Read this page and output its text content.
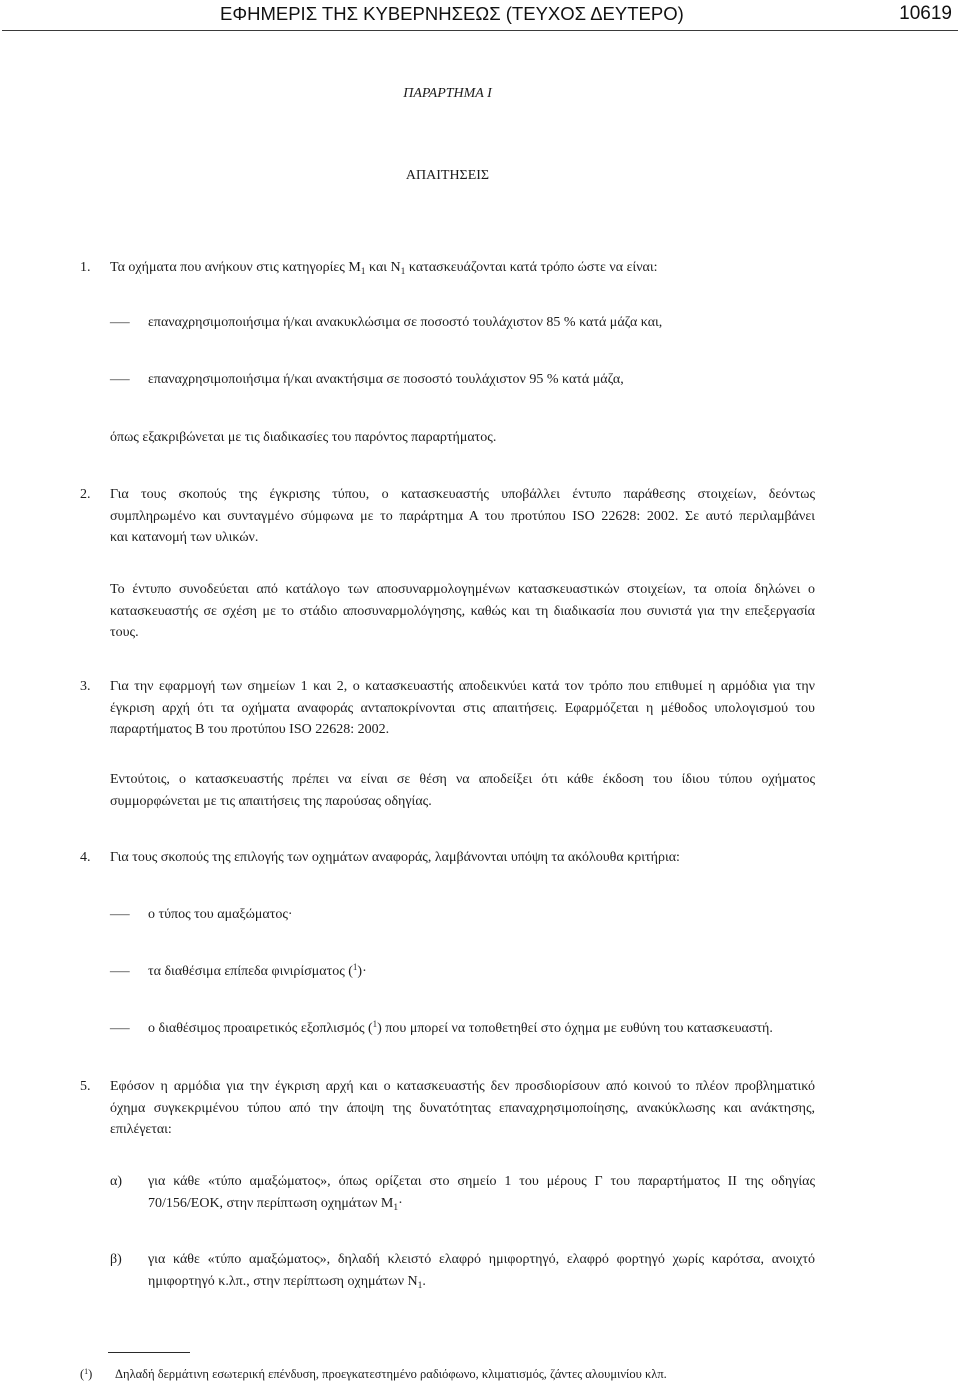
ΕΦΗΜΕΡΙΣ ΤΗΣ ΚΥΒΕΡΝΗΣΕΩΣ (ΤΕΥΧΟΣ ΔΕΥΤΕΡΟ)	10619
ΠΑΡΑΡΤΗΜΑ I
ΑΠΑΙΤΗΣΕΙΣ
1. Τα οχήματα που ανήκουν στις κατηγορίες $M_1$ και $N_1$ κατασκευάζονται κατά τρόπο ώστε να είναι:
— επαναχρησιμοποιήσιμα ή/και ανακυκλώσιμα σε ποσοστό τουλάχιστον 85 % κατά μάζα και,
— επαναχρησιμοποιήσιμα ή/και ανακτήσιμα σε ποσοστό τουλάχιστον 95 % κατά μάζα,
όπως εξακριβώνεται με τις διαδικασίες του παρόντος παραρτήματος.
2. Για τους σκοπούς της έγκρισης τύπου, ο κατασκευαστής υποβάλλει έντυπο παράθεσης στοιχείων, δεόντως
συμπληρωμένο και συνταγμένο σύμφωνα με το παράρτημα Α του προτύπου ISO 22628: 2002. Σε αυτό περιλαμβάνει
και κατανομή των υλικών.
Το έντυπο συνοδεύεται από κατάλογο των αποσυναρμολογημένων κατασκευαστικών στοιχείων, τα οποία δηλώνει ο
κατασκευαστής σε σχέση με το στάδιο αποσυναρμολόγησης, καθώς και τη διαδικασία που συνιστά για την επεξεργασία
τους.
3. Για την εφαρμογή των σημείων 1 και 2, ο κατασκευαστής αποδεικνύει κατά τον τρόπο που επιθυμεί η αρμόδια για την
έγκριση αρχή ότι τα οχήματα αναφοράς ανταποκρίνονται στις απαιτήσεις. Εφαρμόζεται η μέθοδος υπολογισμού του
παραρτήματος Β του προτύπου ISO 22628: 2002.
Εντούτοις, ο κατασκευαστής πρέπει να είναι σε θέση να αποδείξει ότι κάθε έκδοση του ίδιου τύπου οχήματος
συμμορφώνεται με τις απαιτήσεις της παρούσας οδηγίας.
4. Για τους σκοπούς της επιλογής των οχημάτων αναφοράς, λαμβάνονται υπόψη τα ακόλουθα κριτήρια:
— ο τύπος του αμαξώματος·
— τα διαθέσιμα επίπεδα φινιρίσματος ($^1$)·
— ο διαθέσιμος προαιρετικός εξοπλισμός ($^1$) που μπορεί να τοποθετηθεί στο όχημα με ευθύνη του κατασκευαστή.
5. Εφόσον η αρμόδια για την έγκριση αρχή και ο κατασκευαστής δεν προσδιορίσουν από κοινού το πλέον προβληματικό
όχημα συγκεκριμένου τύπου από την άποψη της δυνατότητας επαναχρησιμοποίησης, ανακύκλωσης και ανάκτησης,
επιλέγεται:
α) για κάθε «τύπο αμαξώματος», όπως ορίζεται στο σημείο 1 του μέρους Γ του παραρτήματος II της οδηγίας
70/156/ΕΟΚ, στην περίπτωση οχημάτων $M_1\cdot$
β) για κάθε «τύπο αμαξώματος», δηλαδή κλειστό ελαφρό ημιφορτηγό, ελαφρό φορτηγό χωρίς καρότσα, ανοιχτό
ημιφορτηγό κ.λπ., στην περίπτωση οχημάτων $N_1$.
($^1$) Δηλαδή δερμάτινη εσωτερική επένδυση, προεγκατεστημένο ραδιόφωνο, κλιματισμός, ζάντες αλουμινίου κλπ.
